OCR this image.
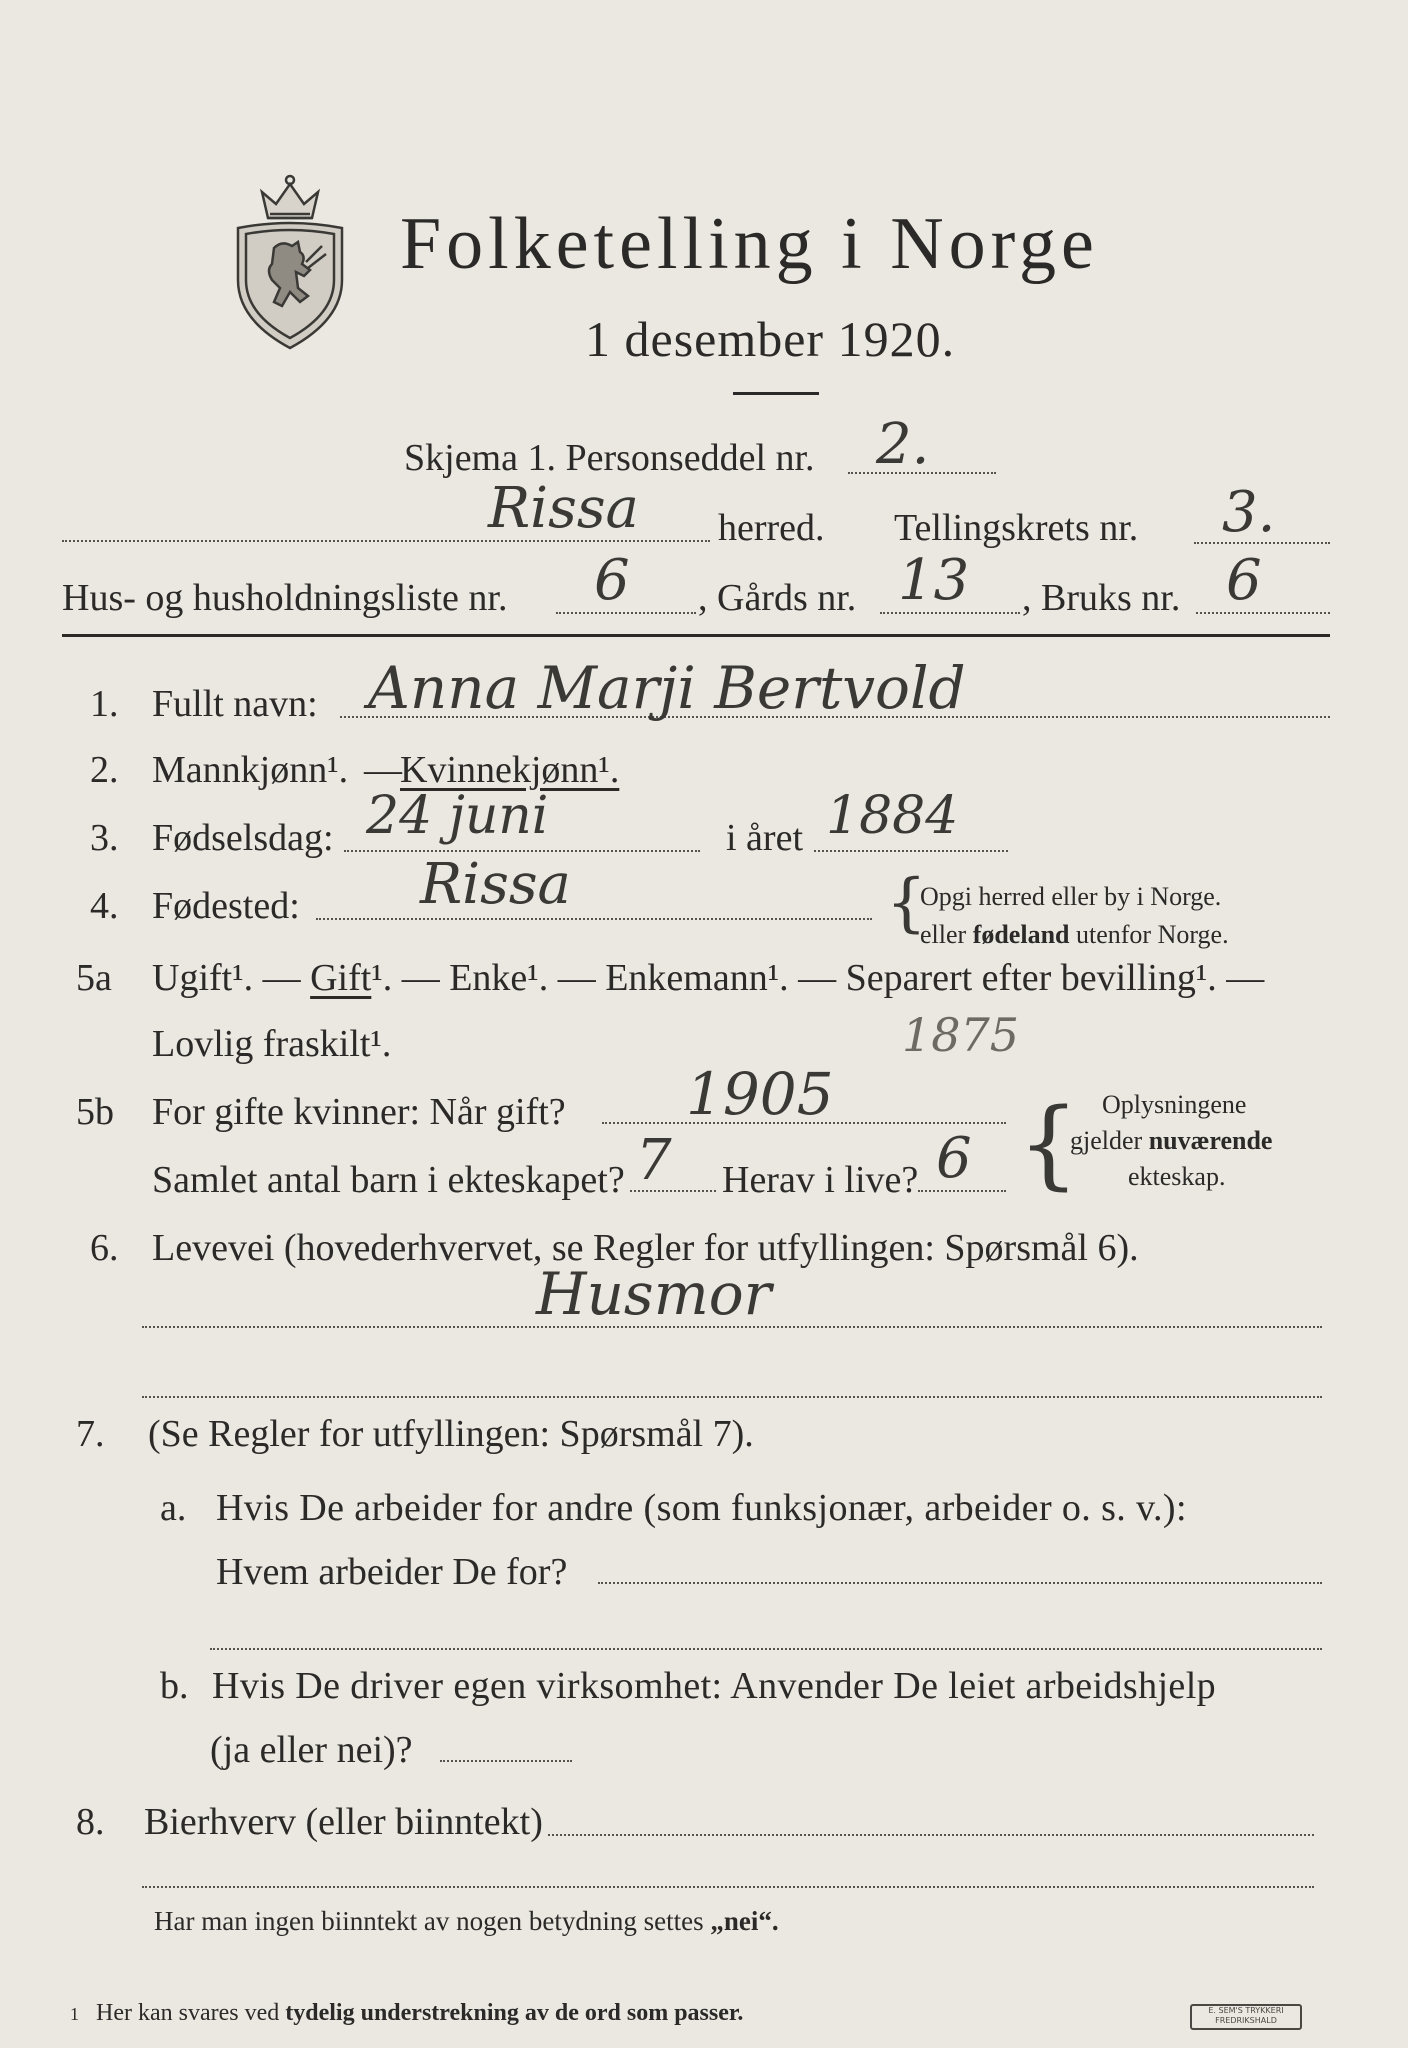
Folketelling i Norge
1 desember 1920.
Skjema 1. Personseddel nr. 2.
Rissa herred. Tellingskrets nr. 3.
Hus- og husholdningsliste nr. 6 , Gårds nr. 13 , Bruks nr. 6
1. Fullt navn: Anna Marji Bertvold
2. Mannkjønn¹. —
Kvinnekjønn¹.
3. Fødselsdag: 24 juni	i året 1884
4. Fødested: Rissa	{
Opgi herred eller by i Norge.
eller fødeland utenfor Norge.
5a Ugift¹. — Gift¹. — Enke¹. — Enkemann¹. — Separert efter bevilling¹. —
Lovlig fraskilt¹.
5b For gifte kvinner: Når gift? 1905
1875
Samlet antal barn i ekteskapet? 7 Herav i live? 6 { Oplysningene
gjelder nuværende
ekteskap.
6. Levevei (hovederhvervet, se Regler for utfyllingen: Spørsmål 6).
Husmor
7. (Se Regler for utfyllingen: Spørsmål 7).
a. Hvis De arbeider for andre (som funksjonær, arbeider o. s. v.):
Hvem arbeider De for?
b. Hvis De driver egen virksomhet: Anvender De leiet arbeidshjelp
(ja eller nei)?
8. Bierhverv (eller biinntekt)
Har man ingen biinntekt av nogen betydning settes „nei“.
1 Her kan svares ved tydelig understrekning av de ord som passer.	E. SEM'S TRYKKERI
FREDRIKSHALD
